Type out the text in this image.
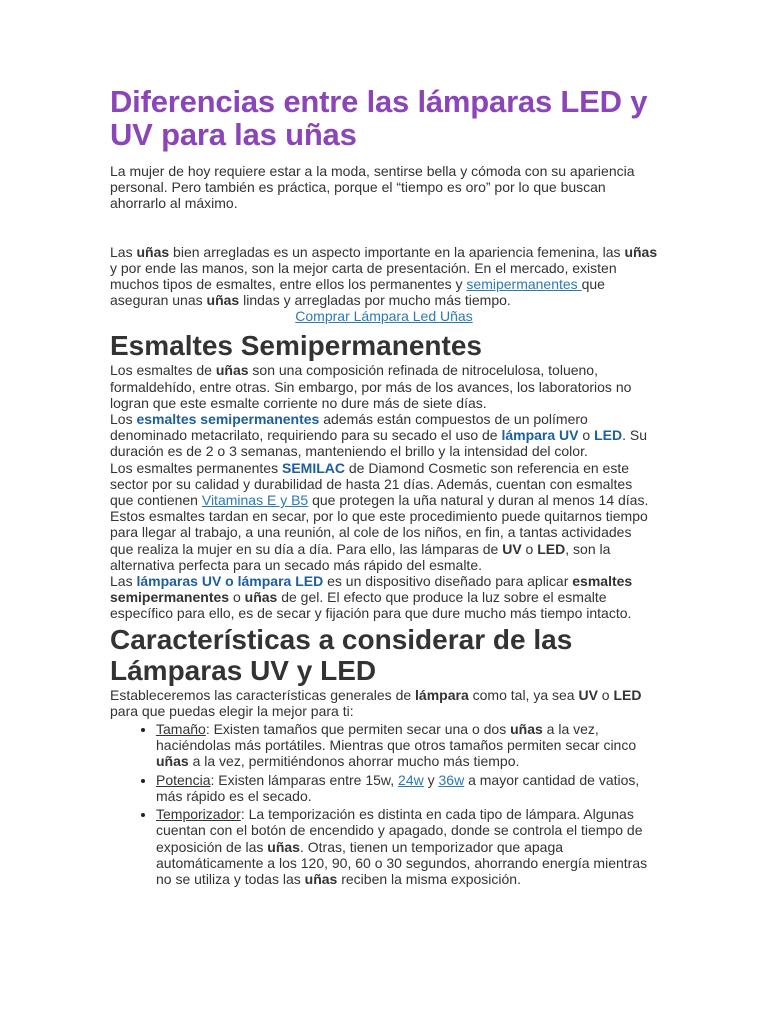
Diferencias entre las lámparas LED y UV para las uñas

La mujer de hoy requiere estar a la moda, sentirse bella y cómoda con su apariencia personal. Pero también es práctica, porque el “tiempo es oro” por lo que buscan ahorrarlo al máximo.

Las uñas bien arregladas es un aspecto importante en la apariencia femenina, las uñas y por ende las manos, son la mejor carta de presentación. En el mercado, existen muchos tipos de esmaltes, entre ellos los permanentes y semipermanentes que aseguran unas uñas lindas y arregladas por mucho más tiempo.

Comprar Lámpara Led Uñas

Esmaltes Semipermanentes

Los esmaltes de uñas son una composición refinada de nitrocelulosa, tolueno, formaldehído, entre otras. Sin embargo, por más de los avances, los laboratorios no logran que este esmalte corriente no dure más de siete días.

Los esmaltes semipermanentes además están compuestos de un polímero denominado metacrilato, requiriendo para su secado el uso de lámpara UV o LED. Su duración es de 2 o 3 semanas, manteniendo el brillo y la intensidad del color.

Los esmaltes permanentes SEMILAC de Diamond Cosmetic son referencia en este sector por su calidad y durabilidad de hasta 21 días. Además, cuentan con esmaltes que contienen Vitaminas E y B5 que protegen la uña natural y duran al menos 14 días.

Estos esmaltes tardan en secar, por lo que este procedimiento puede quitarnos tiempo para llegar al trabajo, a una reunión, al cole de los niños, en fin, a tantas actividades que realiza la mujer en su día a día. Para ello, las lámparas de UV o LED, son la alternativa perfecta para un secado más rápido del esmalte.

Las lámparas UV o lámpara LED es un dispositivo diseñado para aplicar esmaltes semipermanentes o uñas de gel. El efecto que produce la luz sobre el esmalte específico para ello, es de secar y fijación para que dure mucho más tiempo intacto.

Características a considerar de las Lámparas UV y LED

Estableceremos las características generales de lámpara como tal, ya sea UV o LED para que puedas elegir la mejor para ti:

• Tamaño: Existen tamaños que permiten secar una o dos uñas a la vez, haciéndolas más portátiles. Mientras que otros tamaños permiten secar cinco uñas a la vez, permitiéndonos ahorrar mucho más tiempo.
• Potencia: Existen lámparas entre 15w, 24w y 36w a mayor cantidad de vatios, más rápido es el secado.
• Temporizador: La temporización es distinta en cada tipo de lámpara. Algunas cuentan con el botón de encendido y apagado, donde se controla el tiempo de exposición de las uñas. Otras, tienen un temporizador que apaga automáticamente a los 120, 90, 60 o 30 segundos, ahorrando energía mientras no se utiliza y todas las uñas reciben la misma exposición.
